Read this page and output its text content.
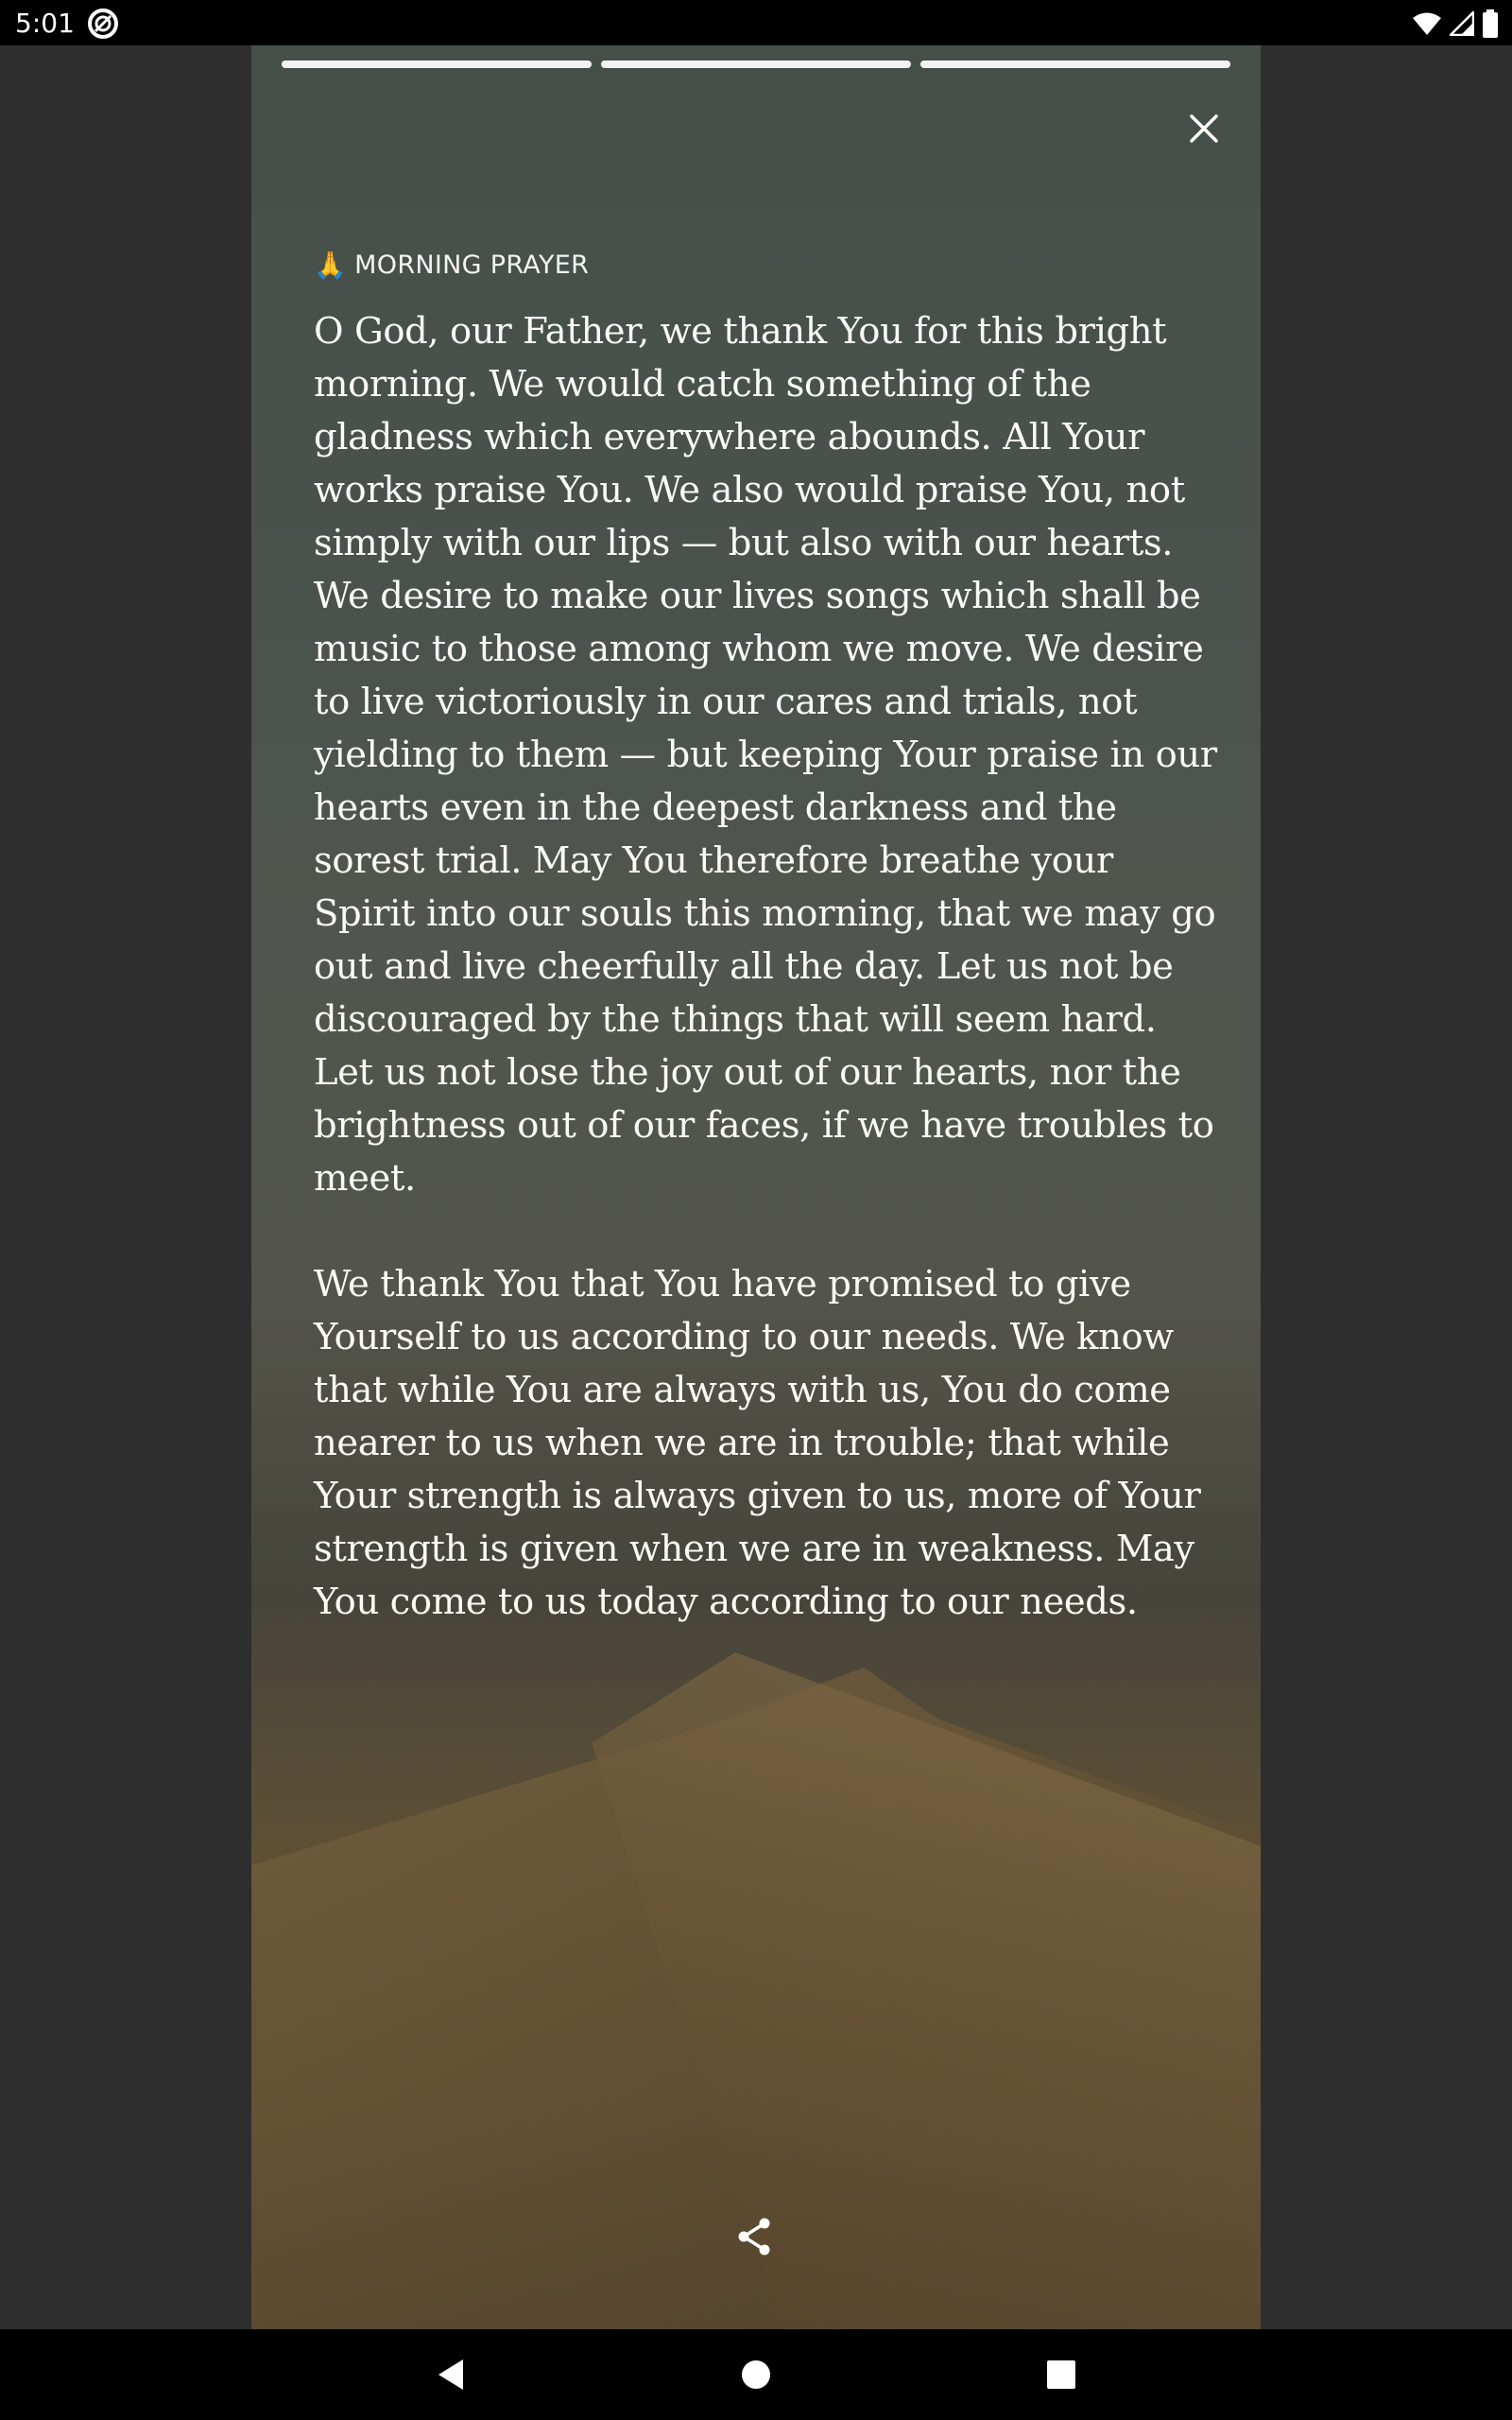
5:01
🙏 MORNING PRAYER

O God, our Father, we thank You for this bright morning. We would catch something of the gladness which everywhere abounds. All Your works praise You. We also would praise You, not simply with our lips — but also with our hearts. We desire to make our lives songs which shall be music to those among whom we move. We desire to live victoriously in our cares and trials, not yielding to them — but keeping Your praise in our hearts even in the deepest darkness and the sorest trial. May You therefore breathe your Spirit into our souls this morning, that we may go out and live cheerfully all the day. Let us not be discouraged by the things that will seem hard. Let us not lose the joy out of our hearts, nor the brightness out of our faces, if we have troubles to meet.

We thank You that You have promised to give Yourself to us according to our needs. We know that while You are always with us, You do come nearer to us when we are in trouble; that while Your strength is always given to us, more of Your strength is given when we are in weakness. May You come to us today according to our needs.
